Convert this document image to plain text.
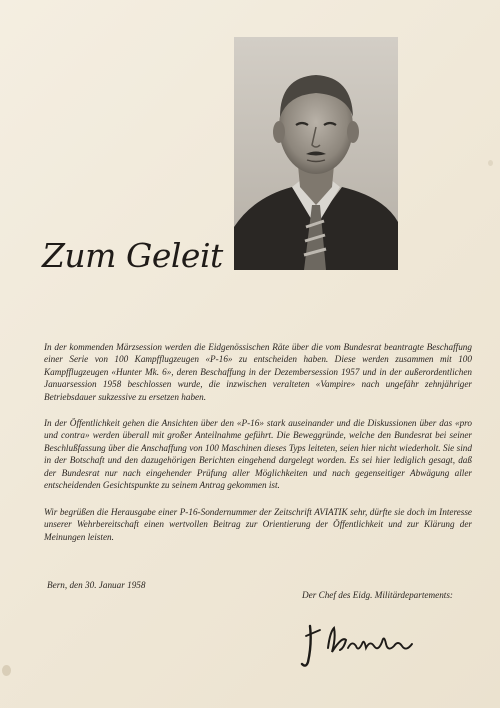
Zum Geleit

In der kommenden Märzsession werden die Eidgenössischen Räte über die vom Bundesrat beantragte Beschaffung einer Serie von 100 Kampfflugzeugen «P-16» zu entscheiden haben. Diese werden zusammen mit 100 Kampfflugzeugen «Hunter Mk. 6», deren Beschaffung in der Dezembersession 1957 und in der außerordentlichen Januarsession 1958 beschlossen wurde, die inzwischen veralteten «Vampire» nach ungefähr zehnjähriger Betriebsdauer sukzessive zu ersetzen haben.

In der Öffentlichkeit gehen die Ansichten über den «P-16» stark auseinander und die Diskussionen über das «pro und contra» werden überall mit großer Anteilnahme geführt. Die Beweggründe, welche den Bundesrat bei seiner Beschlußfassung über die Anschaffung von 100 Maschinen dieses Typs leiteten, seien hier nicht wiederholt. Sie sind in der Botschaft und den dazugehörigen Berichten eingehend dargelegt worden. Es sei hier lediglich gesagt, daß der Bundesrat nur nach eingehender Prüfung aller Möglichkeiten und nach gegenseitiger Abwägung aller entscheidenden Gesichtspunkte zu seinem Antrag gekommen ist.

Wir begrüßen die Herausgabe einer P-16-Sondernummer der Zeitschrift AVIATIK sehr, dürfte sie doch im Interesse unserer Wehrbereitschaft einen wertvollen Beitrag zur Orientierung der Öffentlichkeit und zur Klärung der Meinungen leisten.

Bern, den 30. Januar 1958
Der Chef des Eidg. Militärdepartements:
